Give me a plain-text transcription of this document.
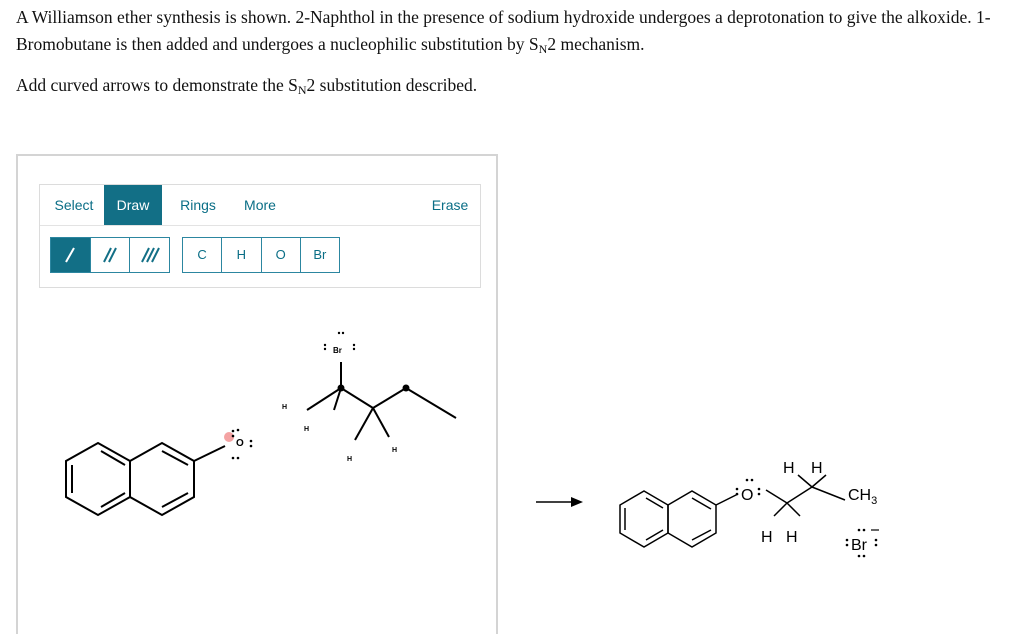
A Williamson ether synthesis is shown. 2-Naphthol in the presence of sodium hydroxide undergoes a deprotonation to give the alkoxide. 1-Bromobutane is then added and undergoes a nucleophilic substitution by $S_N2$ mechanism.
Add curved arrows to demonstrate the $S_N2$ substitution described.
Select	Draw	Rings	More	Erase
C	H	O	Br
O
Br
H
H
H
H
O
H H
H H
$CH_3$
Br
